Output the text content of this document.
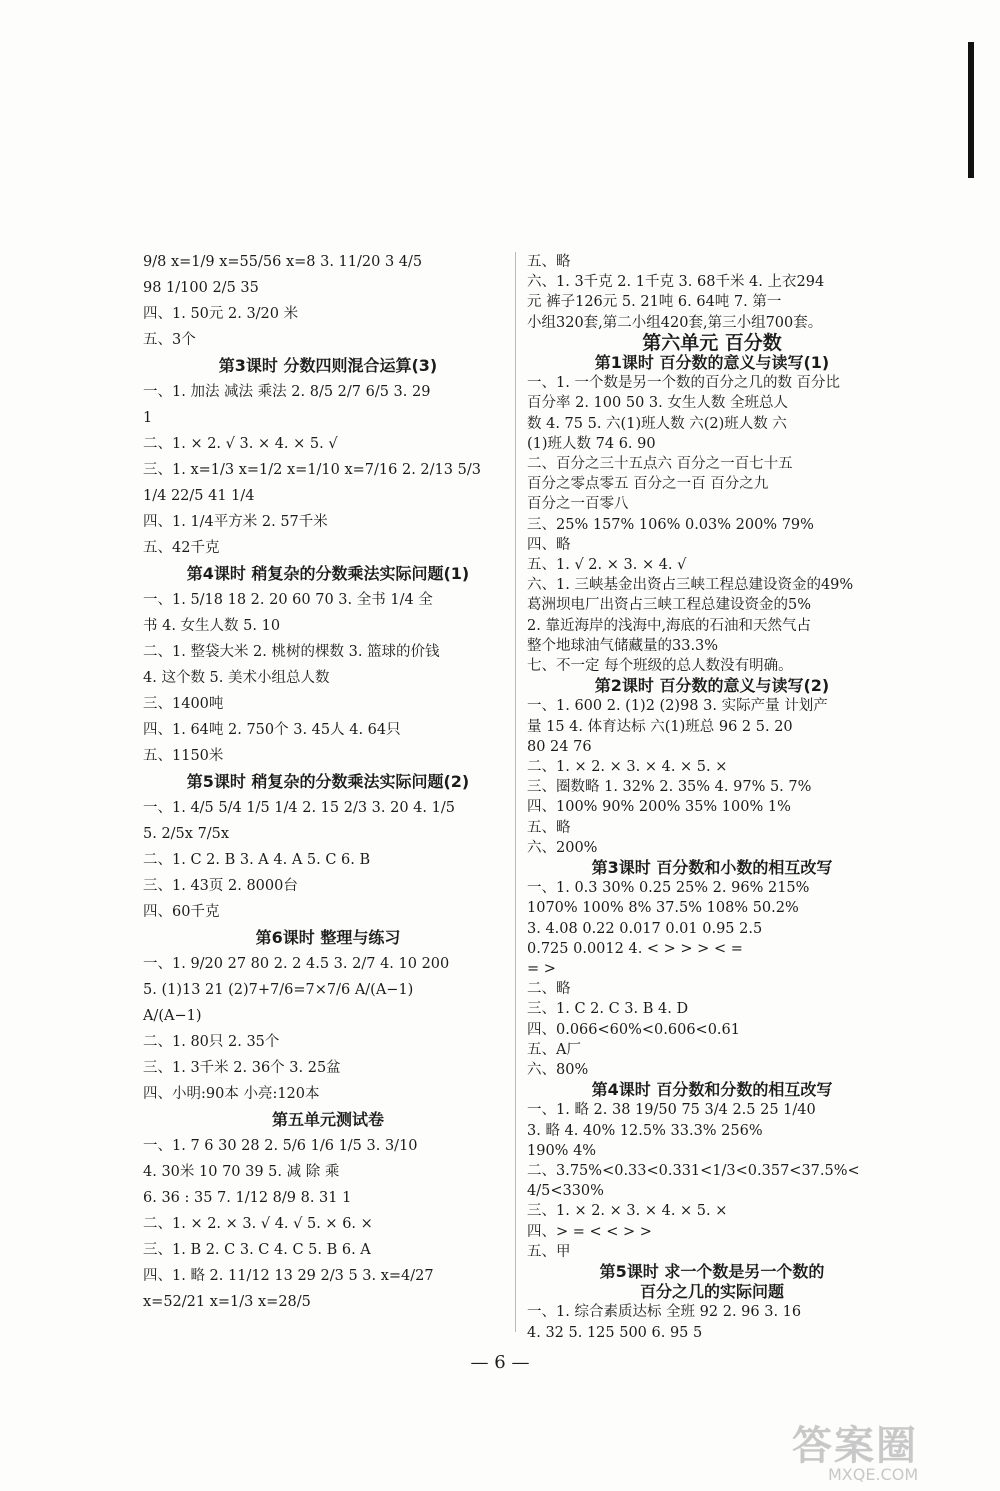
9/8 x=1/9 x=55/56 x=8 3. 11/20 3 4/5
98 1/100 2/5 35
四、1. 50元 2. 3/20 米
五、3个
第3课时 分数四则混合运算(3)
一、1. 加法 减法 乘法 2. 8/5 2/7 6/5 3. 29
1
二、1. × 2. √ 3. × 4. × 5. √
三、1. x=1/3 x=1/2 x=1/10 x=7/16 2. 2/13 5/3
1/4 22/5 41 1/4
四、1. 1/4平方米 2. 57千米
五、42千克
第4课时 稍复杂的分数乘法实际问题(1)
一、1. 5/18 18 2. 20 60 70 3. 全书 1/4 全
书 4. 女生人数 5. 10
二、1. 整袋大米 2. 桃树的棵数 3. 篮球的价钱
4. 这个数 5. 美术小组总人数
三、1400吨
四、1. 64吨 2. 750个 3. 45人 4. 64只
五、1150米
第5课时 稍复杂的分数乘法实际问题(2)
一、1. 4/5 5/4 1/5 1/4 2. 15 2/3 3. 20 4. 1/5
5. 2/5x 7/5x
二、1. C 2. B 3. A 4. A 5. C 6. B
三、1. 43页 2. 8000台
四、60千克
第6课时 整理与练习
一、1. 9/20 27 80 2. 2 4.5 3. 2/7 4. 10 200
5. (1)13 21 (2)7+7/6=7×7/6 A/(A−1)
A/(A−1)
二、1. 80只 2. 35个
三、1. 3千米 2. 36个 3. 25盆
四、小明:90本 小亮:120本
第五单元测试卷
一、1. 7 6 30 28 2. 5/6 1/6 1/5 3. 3/10
4. 30米 10 70 39 5. 减 除 乘
6. 36 : 35 7. 1/12 8/9 8. 31 1
二、1. × 2. × 3. √ 4. √ 5. × 6. ×
三、1. B 2. C 3. C 4. C 5. B 6. A
四、1. 略 2. 11/12 13 29 2/3 5 3. x=4/27
x=52/21 x=1/3 x=28/5
五、略
六、1. 3千克 2. 1千克 3. 68千米 4. 上衣294
元 裤子126元 5. 21吨 6. 64吨 7. 第一
小组320套,第二小组420套,第三小组700套。
第六单元 百分数
第1课时 百分数的意义与读写(1)
一、1. 一个数是另一个数的百分之几的数 百分比
百分率 2. 100 50 3. 女生人数 全班总人
数 4. 75 5. 六(1)班人数 六(2)班人数 六
(1)班人数 74 6. 90
二、百分之三十五点六 百分之一百七十五
百分之零点零五 百分之一百 百分之九
百分之一百零八
三、25% 157% 106% 0.03% 200% 79%
四、略
五、1. √ 2. × 3. × 4. √
六、1. 三峡基金出资占三峡工程总建设资金的49%
葛洲坝电厂出资占三峡工程总建设资金的5%
2. 靠近海岸的浅海中,海底的石油和天然气占
整个地球油气储藏量的33.3%
七、不一定 每个班级的总人数没有明确。
第2课时 百分数的意义与读写(2)
一、1. 600 2. (1)2 (2)98 3. 实际产量 计划产
量 15 4. 体育达标 六(1)班总 96 2 5. 20
80 24 76
二、1. × 2. × 3. × 4. × 5. ×
三、圈数略 1. 32% 2. 35% 4. 97% 5. 7%
四、100% 90% 200% 35% 100% 1%
五、略
六、200%
第3课时 百分数和小数的相互改写
一、1. 0.3 30% 0.25 25% 2. 96% 215%
1070% 100% 8% 37.5% 108% 50.2%
3. 4.08 0.22 0.017 0.01 0.95 2.5
0.725 0.0012 4. < > > > < =
= >
二、略
三、1. C 2. C 3. B 4. D
四、0.066<60%<0.606<0.61
五、A厂
六、80%
第4课时 百分数和分数的相互改写
一、1. 略 2. 38 19/50 75 3/4 2.5 25 1/40
3. 略 4. 40% 12.5% 33.3% 256%
190% 4%
二、3.75%<0.33<0.331<1/3<0.357<37.5%<
4/5<330%
三、1. × 2. × 3. × 4. × 5. ×
四、> = < < > >
五、甲
第5课时 求一个数是另一个数的
百分之几的实际问题
一、1. 综合素质达标 全班 92 2. 96 3. 16
4. 32 5. 125 500 6. 95 5
— 6 —
答案圈
MXQE.COM
